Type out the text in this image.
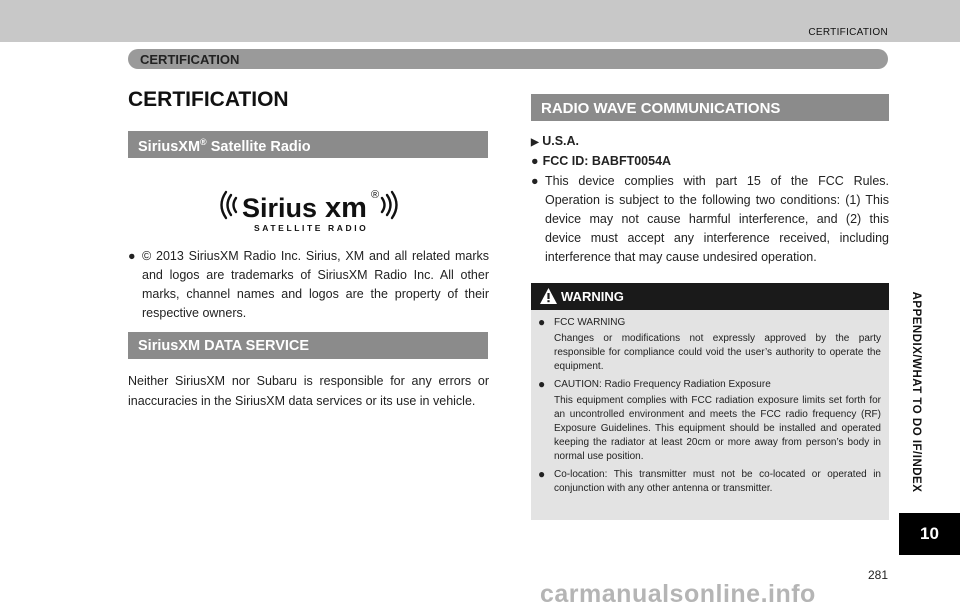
CERTIFICATION
CERTIFICATION
CERTIFICATION
SiriusXM® Satellite Radio
Sirius xm ®
SATELLITE RADIO
● © 2013 SiriusXM Radio Inc. Sirius, XM and all related marks and logos are trademarks of SiriusXM Radio Inc. All other marks, channel names and logos are the property of their respective owners.
SiriusXM DATA SERVICE
Neither SiriusXM nor Subaru is responsible for any errors or inaccuracies in the SiriusXM data services or its use in vehicle.
RADIO WAVE COMMUNICATIONS
▶ U.S.A.
● FCC ID: BABFT0054A
● This device complies with part 15 of the FCC Rules. Operation is subject to the following two conditions: (1) This device may not cause harmful interference, and (2) this device must accept any interference received, including interference that may cause undesired operation.
WARNING
● FCC WARNING
Changes or modifications not expressly approved by the party responsible for compliance could void the user’s authority to operate the equipment.
● CAUTION: Radio Frequency Radiation Exposure
This equipment complies with FCC radiation exposure limits set forth for an uncontrolled environment and meets the FCC radio frequency (RF) Exposure Guidelines. This equipment should be installed and operated keeping the radiator at least 20cm or more away from person’s body in normal use position.
● Co-location: This transmitter must not be co-located or operated in conjunction with any other antenna or transmitter.	APPENDIX/WHAT TO DO IF/INDEX
10
281
carmanualsonline.info
